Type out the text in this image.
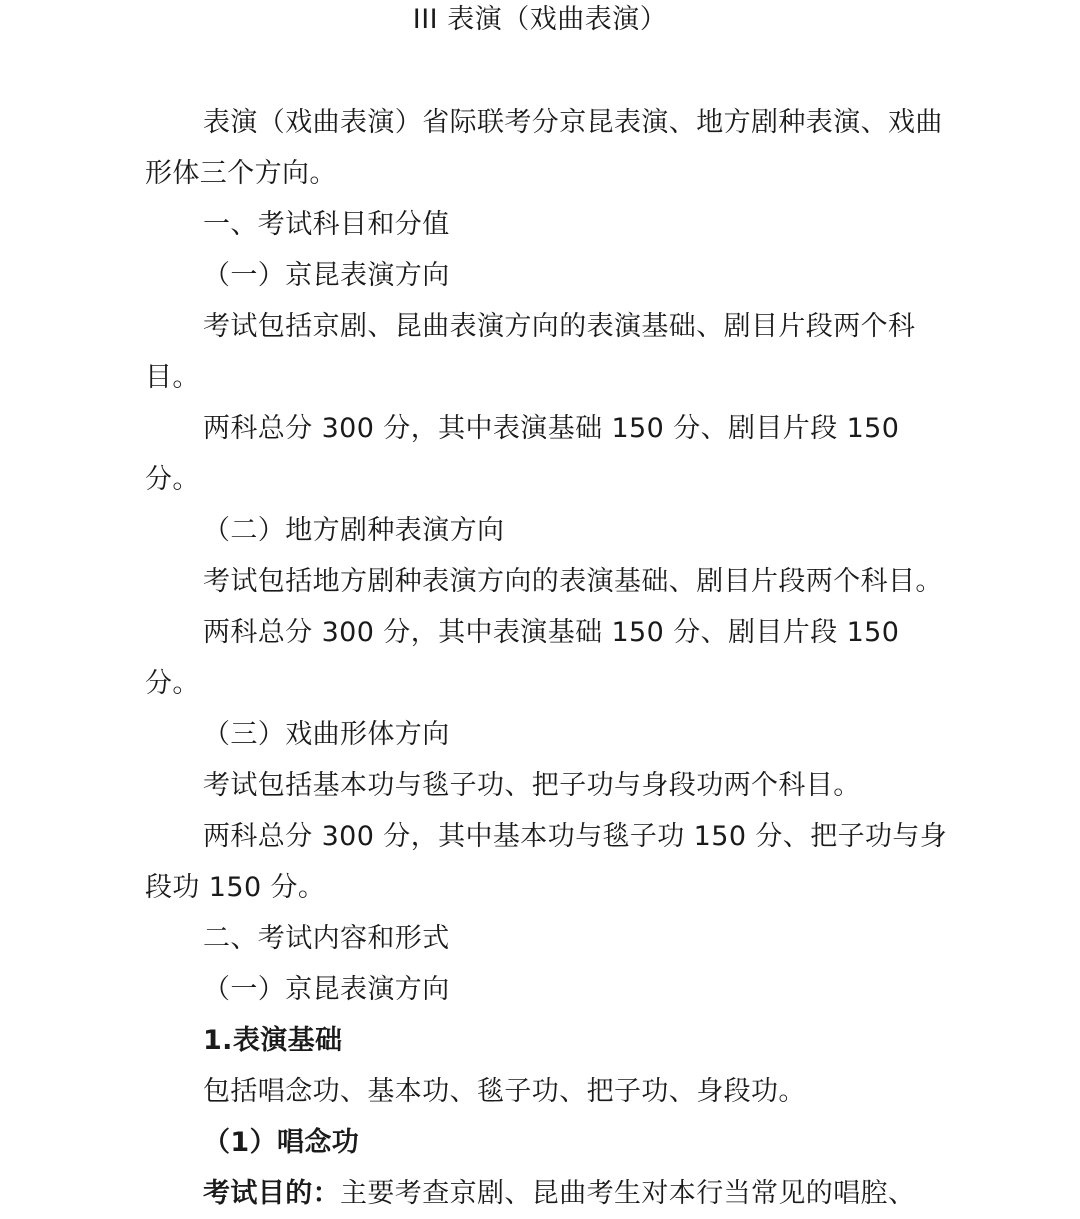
III 表演（戏曲表演）

表演（戏曲表演）省际联考分京昆表演、地方剧种表演、戏曲形体三个方向。

一、考试科目和分值

（一）京昆表演方向

考试包括京剧、昆曲表演方向的表演基础、剧目片段两个科目。

两科总分 300 分，其中表演基础 150 分、剧目片段 150 分。

（二）地方剧种表演方向

考试包括地方剧种表演方向的表演基础、剧目片段两个科目。

两科总分 300 分，其中表演基础 150 分、剧目片段 150 分。

（三）戏曲形体方向

考试包括基本功与毯子功、把子功与身段功两个科目。

两科总分 300 分，其中基本功与毯子功 150 分、把子功与身段功 150 分。

二、考试内容和形式

（一）京昆表演方向

1.表演基础

包括唱念功、基本功、毯子功、把子功、身段功。

（1）唱念功

考试目的：主要考查京剧、昆曲考生对本行当常见的唱腔、
